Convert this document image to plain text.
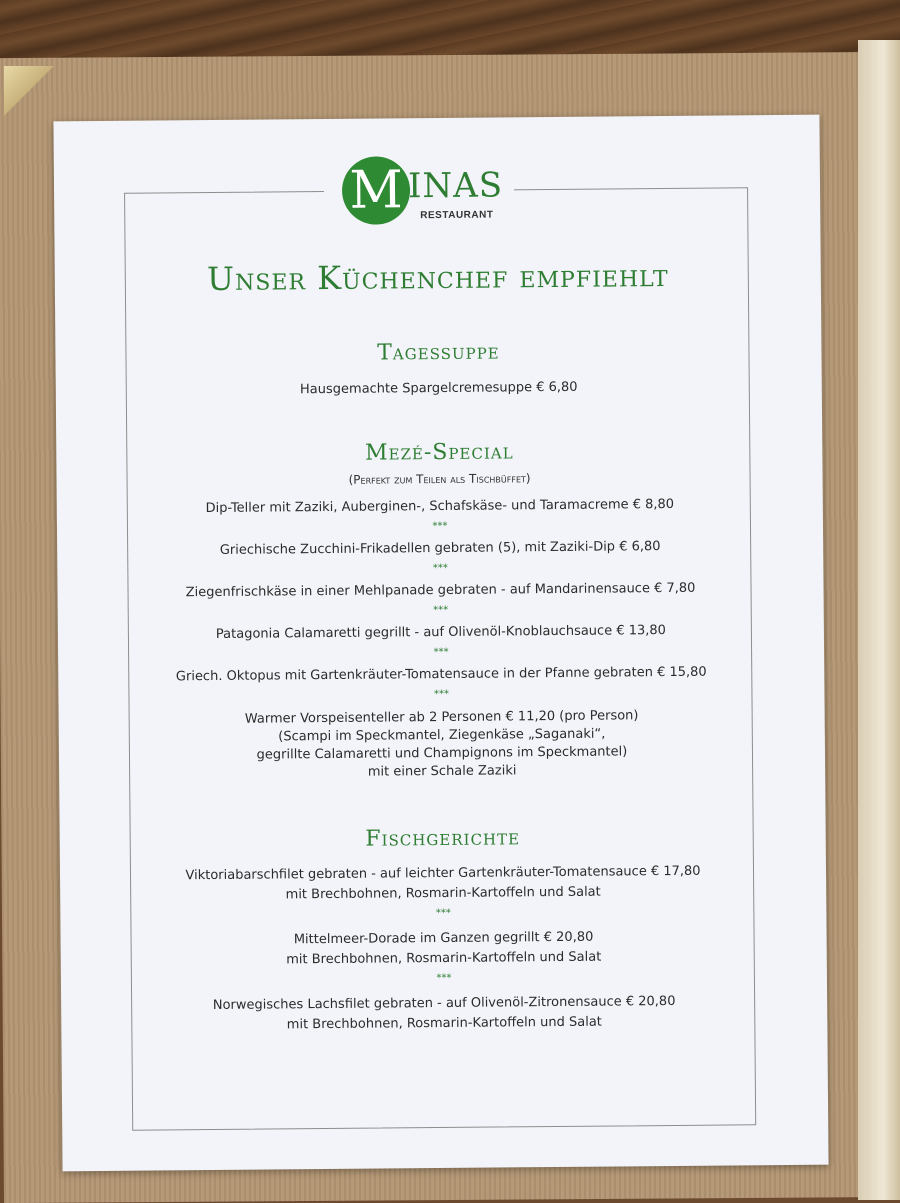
M INAS
RESTAURANT
Unser Küchenchef empfiehlt
Tagessuppe
Hausgemachte Spargelcremesuppe € 6,80
Mezé-Special
(Perfekt zum Teilen als Tischbüffet)
Dip-Teller mit Zaziki, Auberginen-, Schafskäse- und Taramacreme € 8,80
***
Griechische Zucchini-Frikadellen gebraten (5), mit Zaziki-Dip € 6,80
***
Ziegenfrischkäse in einer Mehlpanade gebraten - auf Mandarinensauce € 7,80
***
Patagonia Calamaretti gegrillt - auf Olivenöl-Knoblauchsauce € 13,80
***
Griech. Oktopus mit Gartenkräuter-Tomatensauce in der Pfanne gebraten € 15,80
***
Warmer Vorspeisenteller ab 2 Personen € 11,20 (pro Person)
(Scampi im Speckmantel, Ziegenkäse „Saganaki“,
gegrillte Calamaretti und Champignons im Speckmantel)
mit einer Schale Zaziki
Fischgerichte
Viktoriabarschfilet gebraten - auf leichter Gartenkräuter-Tomatensauce € 17,80
mit Brechbohnen, Rosmarin-Kartoffeln und Salat
***
Mittelmeer-Dorade im Ganzen gegrillt € 20,80
mit Brechbohnen, Rosmarin-Kartoffeln und Salat
***
Norwegisches Lachsfilet gebraten - auf Olivenöl-Zitronensauce € 20,80
mit Brechbohnen, Rosmarin-Kartoffeln und Salat
